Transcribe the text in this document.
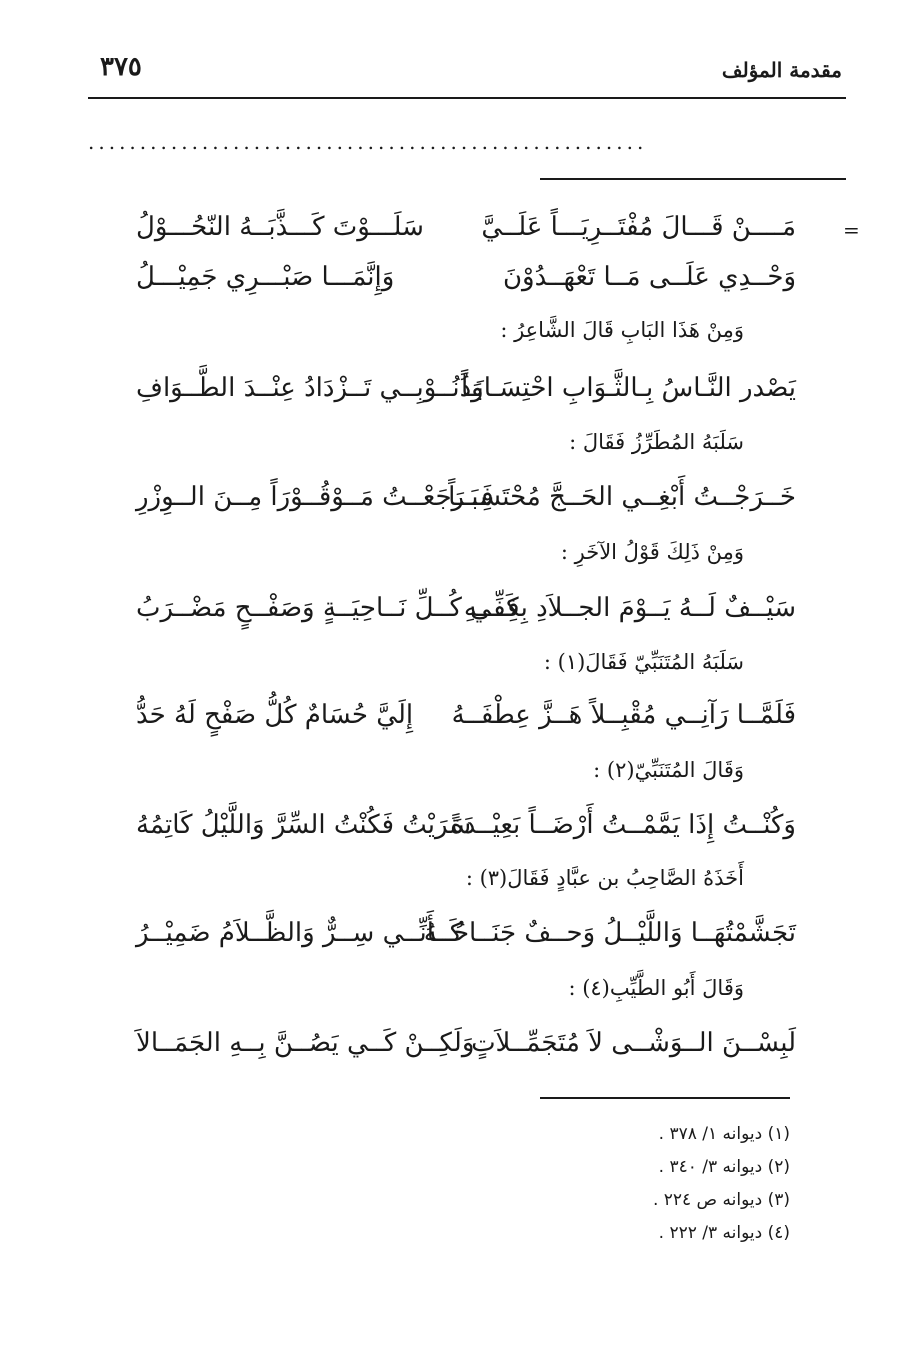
مقدمة المؤلف
٣٧٥
......................................................
=
مَــــنْ قَـــالَ مُفْتَــرِيَـــاً عَلَــيَّ
سَلَـــوْتَ كَـــذَّبَــهُ النّحُـــوْلُ
وَحْــدِي عَلَــى مَــا تَعْهَــدُوْنَ
وَإِنَّمَـــا صَبْـــرِي جَمِيْـــلُ
وَمِنْ هَذَا البَابِ قَالَ الشَّاعِرُ :
يَصْدر النَّـاسُ بِـالثَّـوَابِ احْتِسَـابَـاً
وَذُنُــوْبِــي تَــزْدَادُ عِنْــدَ الطَّــوَافِ
سَلَبَهُ المُطَرِّزُ فَقَالَ :
خَــرَجْــتُ أَبْغِــي الحَــجَّ مُحْتَسِبَــاً
فَــرَجَعْــتُ مَــوْقُــوْرَاً مِــنَ الــوِزْرِ
وَمِنْ ذَلِكَ قَوْلُ الآخَرِ :
سَيْــفٌ لَــهُ يَــوْمَ الجــلاَدِ بِكَفِّــهِ
فِــي كُــلِّ نَــاحِيَــةٍ وَصَفْــحٍ مَضْــرَبُ
سَلَبَهُ المُتَنَبِّيّ فَقَالَ(١) :
فَلَمَّــا رَآنِــي مُقْبِــلاً هَــزَّ عِطْفَــهُ
إِلَيَّ حُسَامٌ كُلُّ صَفْحٍ لَهُ حَدُّ
وَقَالَ المُتَنَبِّيّ(٢) :
وَكُنْــتُ إِذَا يَمَّمْــتُ أَرْضَــاً بَعِيْــدَةً
سَرَيْتُ فَكُنْتُ السِّرَّ وَاللَّيْلُ كَاتِمُهُ
أَخَذَهُ الصَّاحِبُ بن عبَّادٍ فَقَالَ(٣) :
تَجَشَّمْتُهَــا وَاللَّيْــلُ وَحــفٌ جَنَــاحُــهُ
كَــأَنِّــي سِــرٌّ وَالظَّــلاَمُ ضَمِيْــرُ
وَقَالَ أَبُو الطَّيِّبِ(٤) :
لَبِسْــنَ الــوَشْــى لاَ مُتَجَمِّــلاَتٍ
وَلَكِــنْ كَــي يَصُــنَّ بِــهِ الجَمَــالاَ
(١) ديوانه ١/ ٣٧٨ .
(٢) ديوانه ٣/ ٣٤٠ .
(٣) ديوانه ص ٢٢٤ .
(٤) ديوانه ٣/ ٢٢٢ .
